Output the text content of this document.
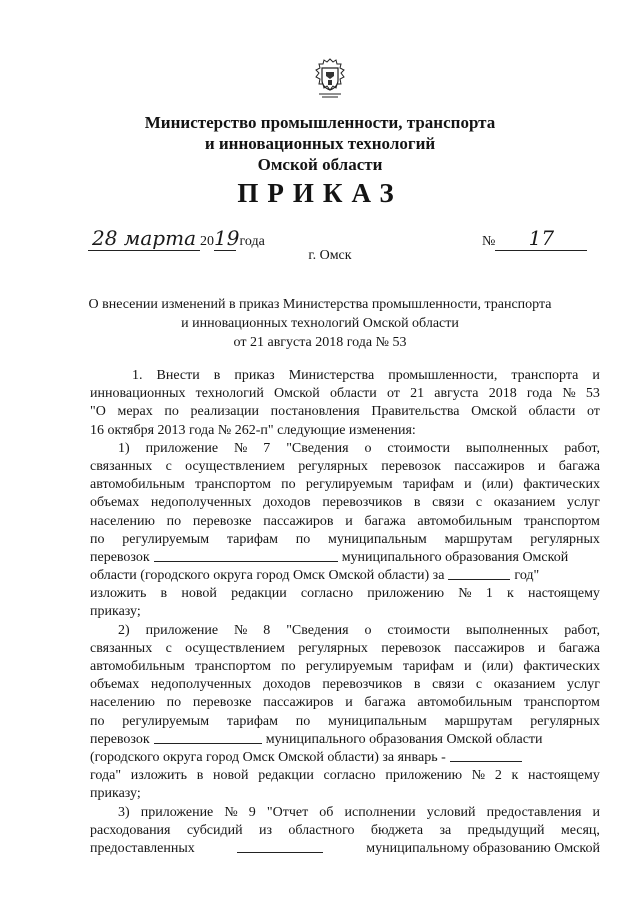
Министерство промышленности, транспорта
и инновационных технологий
Омской области
ПРИКАЗ
28 марта 2019 года	№ 17
г. Омск
О внесении изменений в приказ Министерства промышленности, транспорта
и инновационных технологий Омской области
от 21 августа 2018 года № 53
1. Внести в приказ Министерства промышленности, транспорта и
инновационных технологий Омской области от 21 августа 2018 года № 53
"О мерах по реализации постановления Правительства Омской области от
16 октября 2013 года № 262-п" следующие изменения:
1) приложение № 7 "Сведения о стоимости выполненных работ,
связанных с осуществлением регулярных перевозок пассажиров и багажа
автомобильным транспортом по регулируемым тарифам и (или) фактических
объемах недополученных доходов перевозчиков в связи с оказанием услуг
населению по перевозке пассажиров и багажа автомобильным транспортом
по регулируемым тарифам по муниципальным маршрутам регулярных
перевозок	муниципального образования Омской
области (городского округа город Омск Омской области) за	год"
изложить в новой редакции согласно приложению № 1 к настоящему
приказу;
2) приложение № 8 "Сведения о стоимости выполненных работ,
связанных с осуществлением регулярных перевозок пассажиров и багажа
автомобильным транспортом по регулируемым тарифам и (или) фактических
объемах недополученных доходов перевозчиков в связи с оказанием услуг
населению по перевозке пассажиров и багажа автомобильным транспортом
по регулируемым тарифам по муниципальным маршрутам регулярных
перевозок	муниципального образования Омской области
(городского округа город Омск Омской области) за январь -
года" изложить в новой редакции согласно приложению № 2 к настоящему
приказу;
3) приложение № 9 "Отчет об исполнении условий предоставления и
расходования субсидий из областного бюджета за предыдущий месяц,
предоставленных	муниципальному образованию Омской
